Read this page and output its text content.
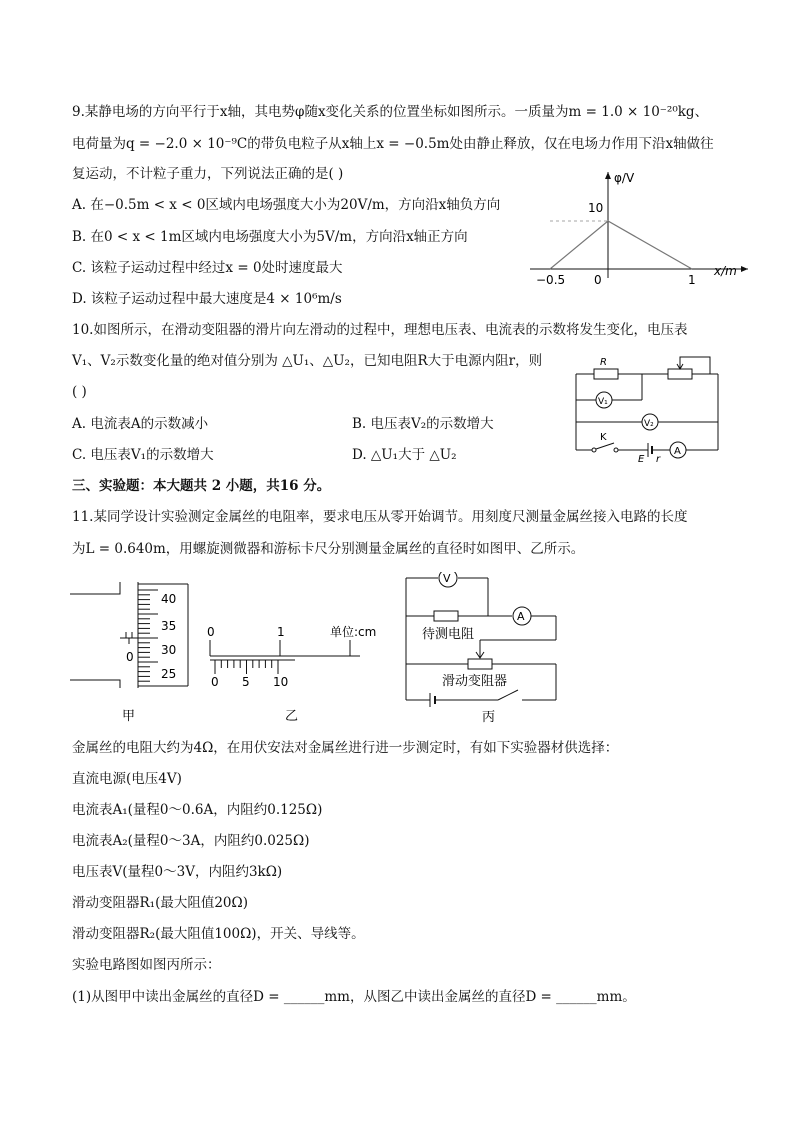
9.某静电场的方向平行于x轴，其电势φ随x变化关系的位置坐标如图所示。一质量为m = 1.0 × 10⁻²⁰kg、
电荷量为q = −2.0 × 10⁻⁹C的带负电粒子从x轴上x = −0.5m处由静止释放，仅在电场力作用下沿x轴做往
复运动，不计粒子重力，下列说法正确的是( )
A. 在−0.5m < x < 0区域内电场强度大小为20V/m，方向沿x轴负方向
B. 在0 < x < 1m区域内电场强度大小为5V/m，方向沿x轴正方向
C. 该粒子运动过程中经过x = 0处时速度最大
D. 该粒子运动过程中最大速度是4 × 10⁶m/s
φ/V
x/m
10
−0.5 0	1
10.如图所示，在滑动变阻器的滑片向左滑动的过程中，理想电压表、电流表的示数将发生变化，电压表
V₁、V₂示数变化量的绝对值分别为 △U₁、△U₂，已知电阻R大于电源内阻r，则
( )
A. 电流表A的示数减小	B. 电压表V₂的示数增大
C. 电压表V₁的示数增大	D. △U₁大于 △U₂
R
V₁
V₂
K
E r
A
三、实验题：本大题共 2 小题，共16 分。
11.某同学设计实验测定金属丝的电阻率，要求电压从零开始调节。用刻度尺测量金属丝接入电路的长度
为L = 0.640m，用螺旋测微器和游标卡尺分别测量金属丝的直径时如图甲、乙所示。
40
35
30
25
0
甲
0	1	单位:cm
0 5 10
乙
V
A
待测电阻
滑动变阻器
丙
金属丝的电阻大约为4Ω，在用伏安法对金属丝进行进一步测定时，有如下实验器材供选择：
直流电源(电压4V)
电流表A₁(量程0～0.6A，内阻约0.125Ω)
电流表A₂(量程0～3A，内阻约0.025Ω)
电压表V(量程0～3V，内阻约3kΩ)
滑动变阻器R₁(最大阻值20Ω)
滑动变阻器R₂(最大阻值100Ω)，开关、导线等。
实验电路图如图丙所示：
(1)从图甲中读出金属丝的直径D = ______mm，从图乙中读出金属丝的直径D = ______mm。
